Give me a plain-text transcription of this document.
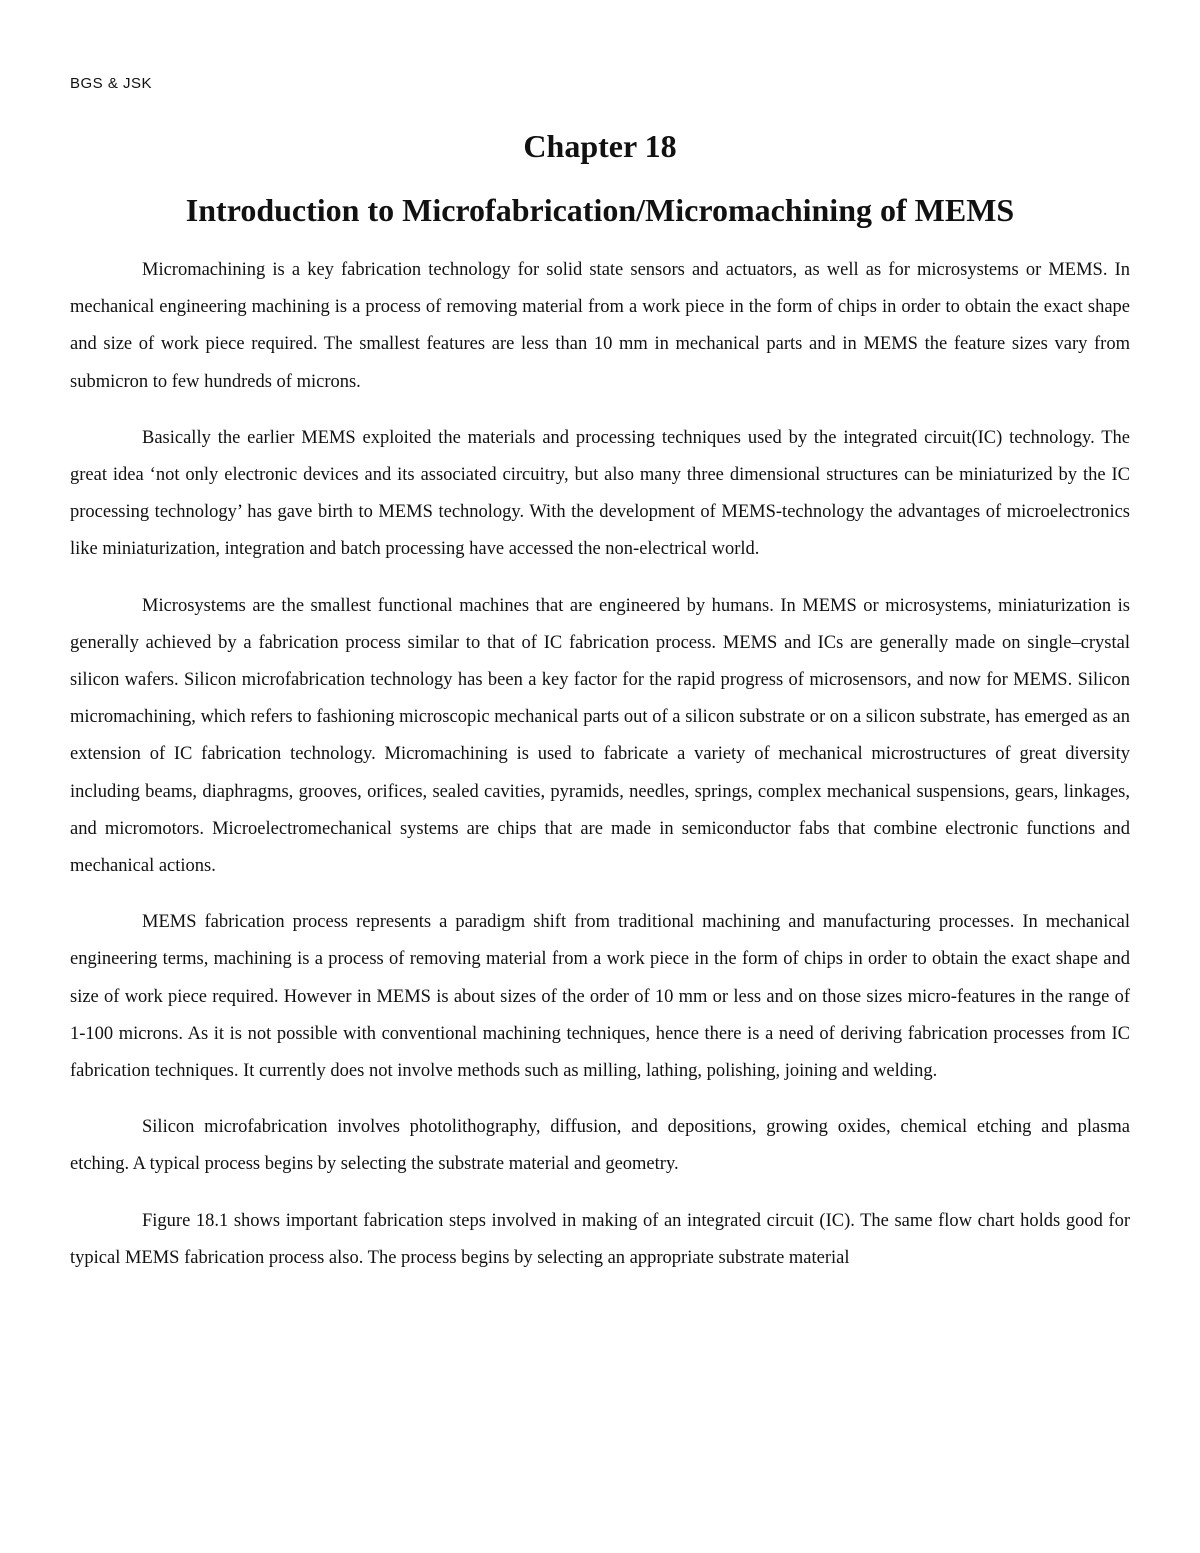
BGS & JSK
Chapter 18
Introduction to Microfabrication/Micromachining of MEMS

Micromachining is a key fabrication technology for solid state sensors and actuators, as well as for microsystems or MEMS. In mechanical engineering machining is a process of removing material from a work piece in the form of chips in order to obtain the exact shape and size of work piece required. The smallest features are less than 10 mm in mechanical parts and in MEMS the feature sizes vary from submicron to few hundreds of microns.

Basically the earlier MEMS exploited the materials and processing techniques used by the integrated circuit(IC) technology. The great idea ‘not only electronic devices and its associated circuitry, but also many three dimensional structures can be miniaturized by the IC processing technology’ has gave birth to MEMS technology. With the development of MEMS-technology the advantages of microelectronics like miniaturization, integration and batch processing have accessed the non-electrical world.

Microsystems are the smallest functional machines that are engineered by humans. In MEMS or microsystems, miniaturization is generally achieved by a fabrication process similar to that of IC fabrication process. MEMS and ICs are generally made on single–crystal silicon wafers. Silicon microfabrication technology has been a key factor for the rapid progress of microsensors, and now for MEMS. Silicon micromachining, which refers to fashioning microscopic mechanical parts out of a silicon substrate or on a silicon substrate, has emerged as an extension of IC fabrication technology. Micromachining is used to fabricate a variety of mechanical microstructures of great diversity including beams, diaphragms, grooves, orifices, sealed cavities, pyramids, needles, springs, complex mechanical suspensions, gears, linkages, and micromotors. Microelectromechanical systems are chips that are made in semiconductor fabs that combine electronic functions and mechanical actions.

MEMS fabrication process represents a paradigm shift from traditional machining and manufacturing processes. In mechanical engineering terms, machining is a process of removing material from a work piece in the form of chips in order to obtain the exact shape and size of work piece required. However in MEMS is about sizes of the order of 10 mm or less and on those sizes micro-features in the range of 1-100 microns. As it is not possible with conventional machining techniques, hence there is a need of deriving fabrication processes from IC fabrication techniques. It currently does not involve methods such as milling, lathing, polishing, joining and welding.

Silicon microfabrication involves photolithography, diffusion, and depositions, growing oxides, chemical etching and plasma etching. A typical process begins by selecting the substrate material and geometry.

Figure 18.1 shows important fabrication steps involved in making of an integrated circuit (IC). The same flow chart holds good for typical MEMS fabrication process also. The process begins by selecting an appropriate substrate material
